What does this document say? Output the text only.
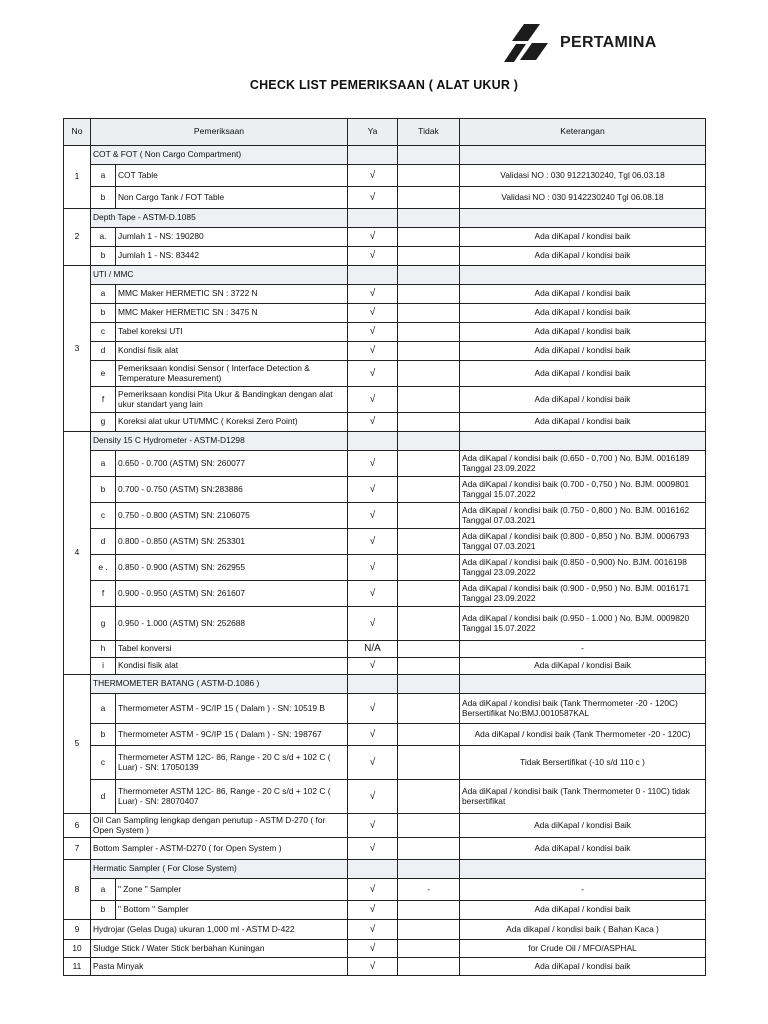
PERTAMINA
CHECK LIST PEMERIKSAAN ( ALAT UKUR )
No	Pemeriksaan		Ya	Tidak	Keterangan
1	COT & FOT ( Non Cargo Compartment)				
	a	COT Table	√		Validasi NO : 030 9122130240, Tgl 06.03.18
	b	Non Cargo Tank / FOT Table	√		Validasi NO : 030 9142230240 Tgl 06.08.18
2	Depth Tape - ASTM-D.1085				
	a.	Jumlah 1 - NS: 190280	√		Ada diKapal / kondisi baik
	b	Jumlah 1 - NS: 83442	√		Ada diKapal / kondisi baik
3	UTI / MMC				
	a	MMC Maker HERMETIC SN : 3722 N	√		Ada diKapal / kondisi baik
	b	MMC Maker HERMETIC SN : 3475 N	√		Ada diKapal / kondisi baik
	c	Tabel koreksi UTI	√		Ada diKapal / kondisi baik
	d	Kondisi fisik alat	√		Ada diKapal / kondisi baik
	e	Pemeriksaan kondisi Sensor ( Interface Detection & Temperature Measurement)	√		Ada diKapal / kondisi baik
	f	Pemeriksaan kondisi Pita Ukur & Bandingkan dengan alat ukur standart yang lain	√		Ada diKapal / kondisi baik
	g	Koreksi alat ukur UTI/MMC ( Koreksi Zero Point)	√		Ada diKapal / kondisi baik
4	Density 15 C Hydrometer - ASTM-D1298				
	a	0.650 - 0.700 (ASTM) SN: 260077	√		Ada diKapal / kondisi baik (0.650 - 0,700 ) No. BJM. 0016189 Tanggal 23.09.2022
	b	0.700 - 0.750 (ASTM) SN:283886	√		Ada diKapal / kondisi baik (0.700 - 0,750 ) No. BJM. 0009801 Tanggal 15.07.2022
	c	0.750 - 0.800 (ASTM) SN: 2106075	√		Ada diKapal / kondisi baik (0.750 - 0,800 ) No. BJM. 0016162 Tanggal 07.03.2021
	d	0.800 - 0.850 (ASTM) SN: 253301	√		Ada diKapal / kondisi baik (0.800 - 0,850 ) No. BJM. 0006793 Tanggal 07.03.2021
	e .	0.850 - 0.900 (ASTM) SN: 262955	√		Ada diKapal / kondisi baik (0.850 - 0,900) No. BJM. 0016198 Tanggal 23.09.2022
	f	0.900 - 0.950 (ASTM) SN: 261607	√		Ada diKapal / kondisi baik (0.900 - 0,950 ) No. BJM. 0016171 Tanggal 23.09.2022
	g	0.950 - 1.000 (ASTM) SN: 252688	√		Ada diKapal / kondisi baik (0.950 - 1.000 ) No. BJM. 0009820 Tanggal 15.07.2022
	h	Tabel konversi	N/A		-
	i	Kondisi fisik alat	√		Ada diKapal / kondisi Baik
5	THERMOMETER BATANG ( ASTM-D.1086 )				
	a	Thermometer ASTM - 9C/IP 15 ( Dalam ) - SN: 10519 B	√		Ada diKapal / kondisi baik (Tank Thermometer -20 - 120C) Bersertifikat No:BMJ.0010587KAL
	b	Thermometer ASTM - 9C/IP 15 ( Dalam ) - SN: 198767	√		Ada diKapal / kondisi baik (Tank Thermometer -20 - 120C)
	c	Thermometer ASTM 12C- 86, Range - 20 C s/d + 102 C ( Luar) - SN: 17050139	√		Tidak Bersertifikat (-10 s/d 110 c )
	d	Thermometer ASTM 12C- 86, Range - 20 C s/d + 102 C ( Luar) - SN: 28070407	√		Ada diKapal / kondisi baik (Tank Thermometer 0 - 110C) tidak bersertifikat
6	Oil Can Sampling lengkap dengan penutup - ASTM D-270 ( for Open System )		√		Ada diKapal / kondisi Baik
7	Bottom Sampler - ASTM-D270 ( for Open System )		√		Ada diKapal / kondisi baik
8	Hermatic Sampler ( For Close System)				
	a	" Zone " Sampler	√	-	-
	b	" Bottom " Sampler	√		Ada diKapal / kondisi baik
9	Hydrojar (Gelas Duga) ukuran 1,000 ml - ASTM D-422		√		Ada dikapal / kondisi baik ( Bahan Kaca )
10	Sludge Stick / Water Stick berbahan Kuningan		√		for Crude Oil / MFO/ASPHAL
11	Pasta Minyak		√		Ada diKapal / kondisi baik
